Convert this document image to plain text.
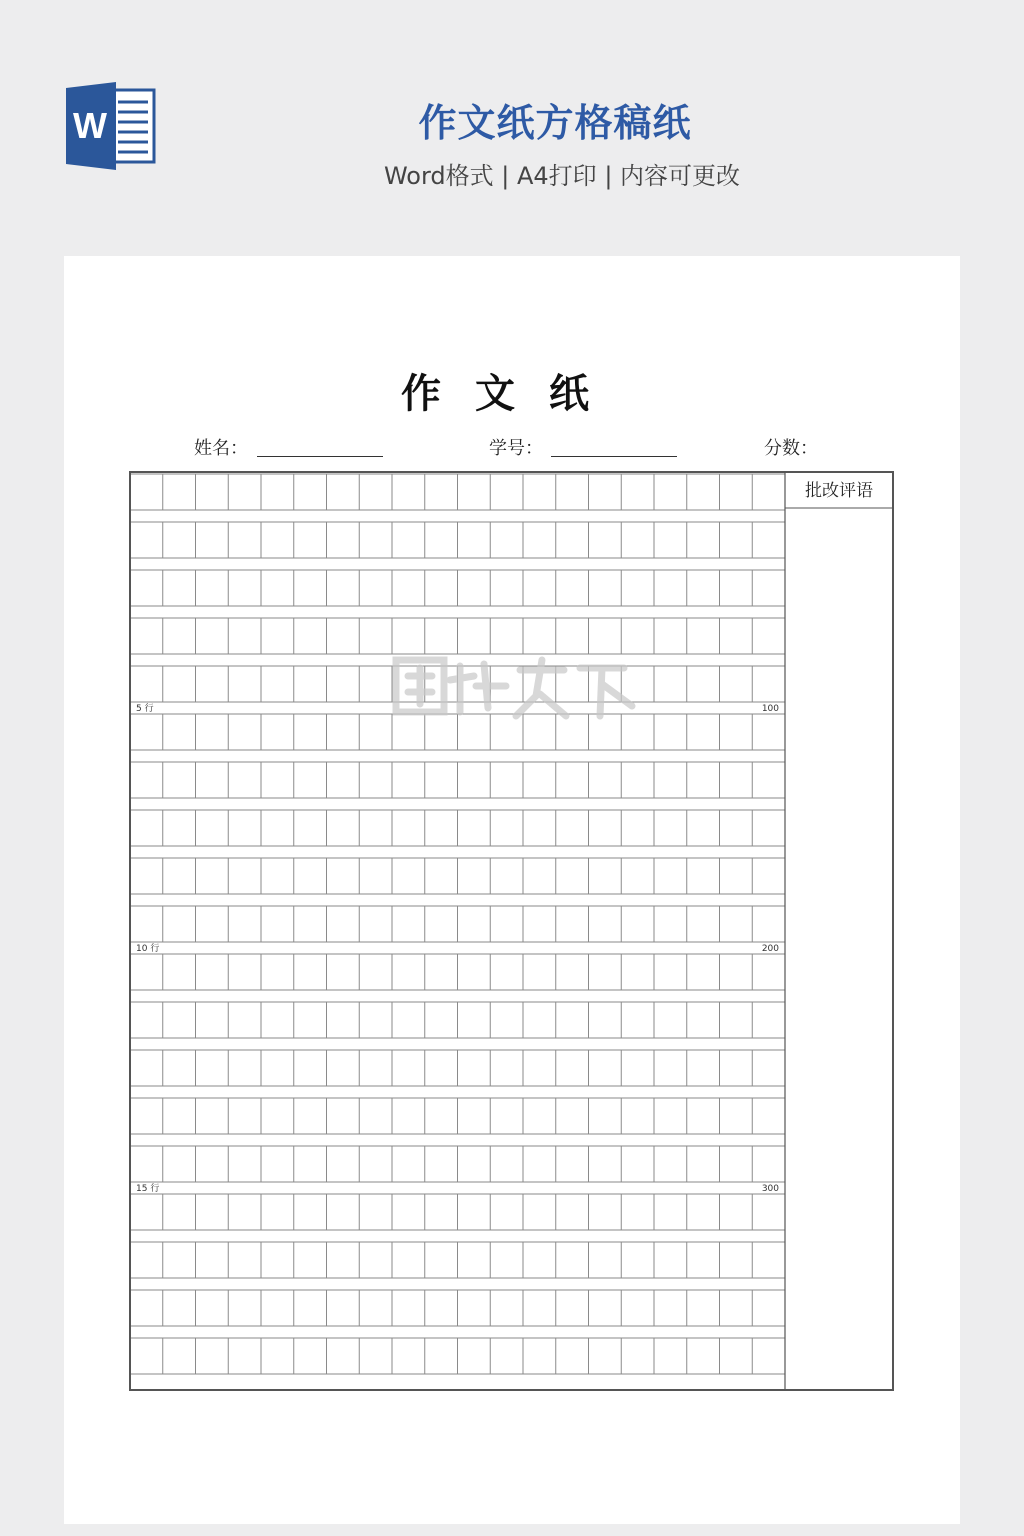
W	作文纸方格稿纸
Word格式 | A4打印 | 内容可更改
作文纸
姓名：	学号：	分数：
5 行	100
10 行	200
15 行	300
批改评语
